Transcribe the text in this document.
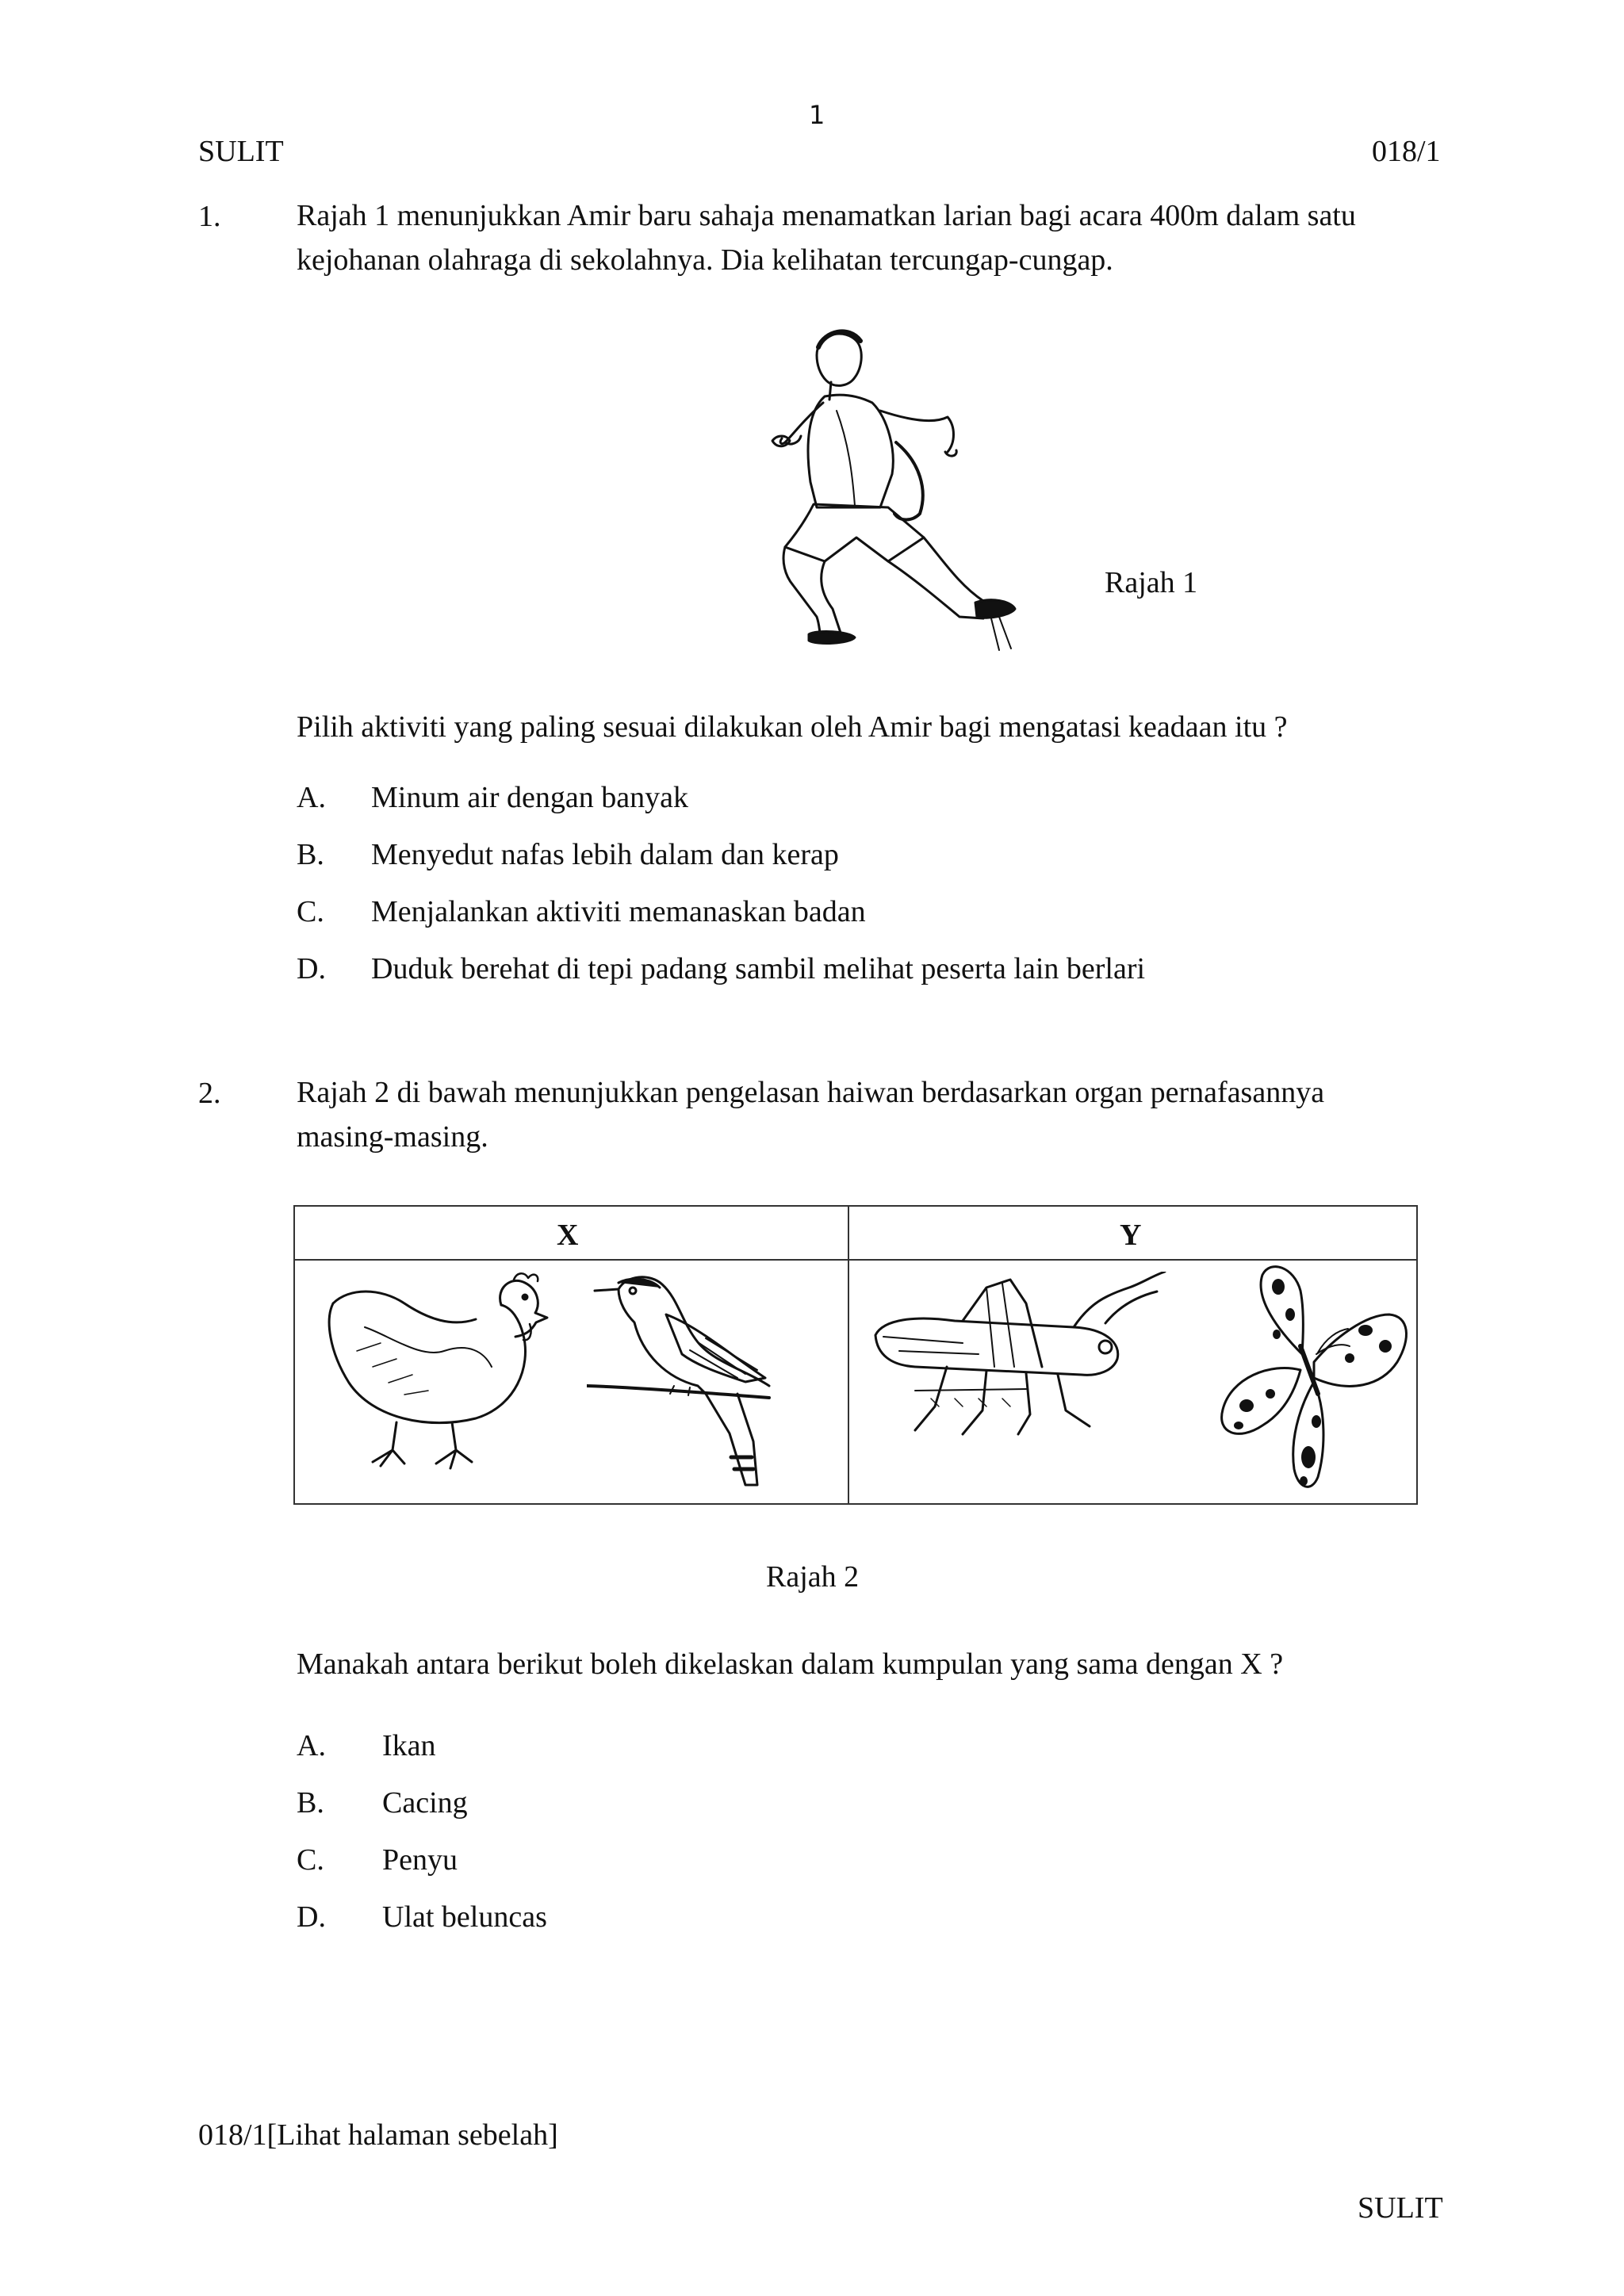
1
SULIT	018/1
1.	Rajah 1 menunjukkan Amir baru sahaja menamatkan larian bagi acara 400m dalam satu kejohanan olahraga di sekolahnya. Dia kelihatan tercungap-cungap.
Rajah 1
Pilih aktiviti yang paling sesuai dilakukan oleh Amir bagi mengatasi keadaan itu ?
A. Minum air dengan banyak
B. Menyedut nafas lebih dalam dan kerap
C. Menjalankan aktiviti memanaskan badan
D. Duduk berehat di tepi padang sambil melihat peserta lain berlari
2.	Rajah 2 di bawah menunjukkan pengelasan haiwan berdasarkan organ pernafasannya masing-masing.
X	Y
Rajah 2
Manakah antara berikut boleh dikelaskan dalam kumpulan yang sama dengan X ?
A. Ikan
B. Cacing
C. Penyu
D. Ulat beluncas
018/1[Lihat halaman sebelah]
SULIT
